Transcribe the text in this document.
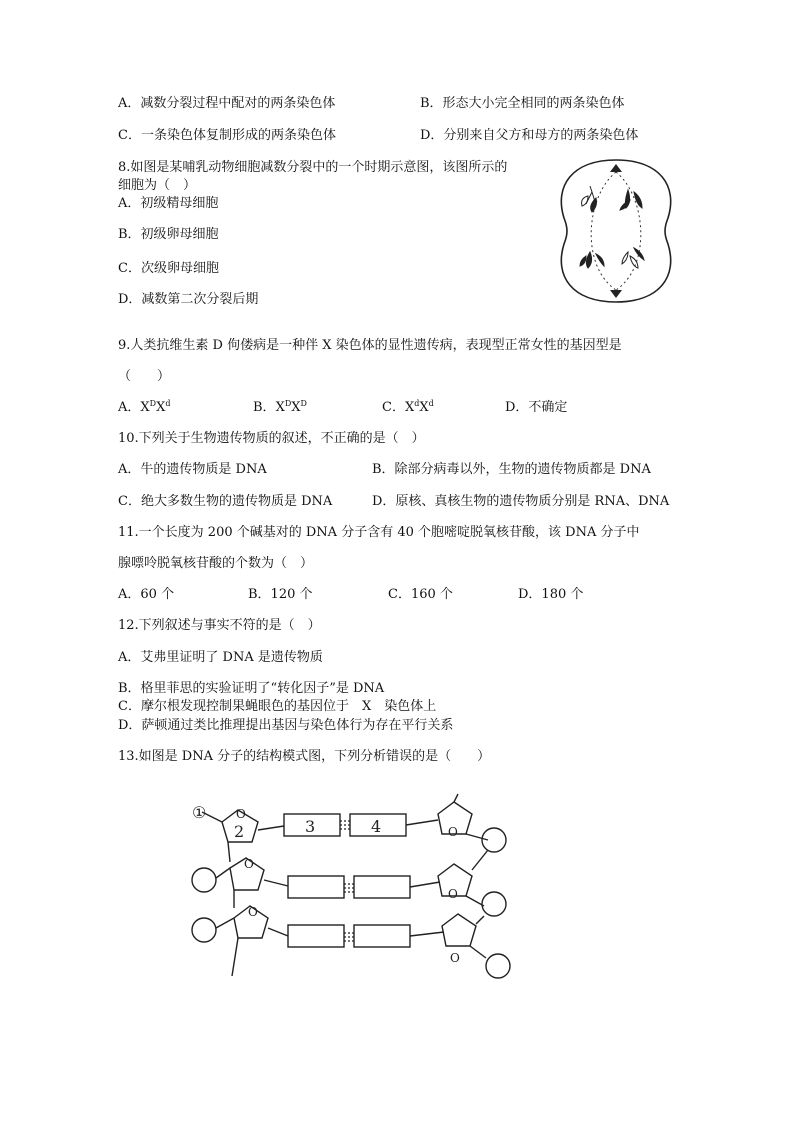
A．减数分裂过程中配对的两条染色体	B．形态大小完全相同的两条染色体
C．一条染色体复制形成的两条染色体	D．分别来自父方和母方的两条染色体
8.如图是某哺乳动物细胞减数分裂中的一个时期示意图，该图所示的
细胞为（　）
A．初级精母细胞
B．初级卵母细胞
C．次级卵母细胞
D．减数第二次分裂后期
9.人类抗维生素 D 佝偻病是一种伴 X 染色体的显性遗传病，表现型正常女性的基因型是
（　　）
A．$X^DX^d$	B．$X^DX^D$	C．$X^dX^d$	D．不确定
10.下列关于生物遗传物质的叙述，不正确的是（　）
A．牛的遗传物质是 DNA	B．除部分病毒以外，生物的遗传物质都是 DNA
C．绝大多数生物的遗传物质是 DNA	D．原核、真核生物的遗传物质分别是 RNA、DNA
11.一个长度为 200 个碱基对的 DNA 分子含有 40 个胞嘧啶脱氧核苷酸，该 DNA 分子中
腺嘌呤脱氧核苷酸的个数为（　）
A．60 个	B．120 个	C．160 个	D．180 个
12.下列叙述与事实不符的是（　）
A．艾弗里证明了 DNA 是遗传物质
B．格里菲思的实验证明了“转化因子”是 DNA
C．摩尔根发现控制果蝇眼色的基因位于　X　染色体上
D．萨顿通过类比推理提出基因与染色体行为存在平行关系
13.如图是 DNA 分子的结构模式图，下列分析错误的是（　　）
①
2	3	4
O
O
O
O
O
O
